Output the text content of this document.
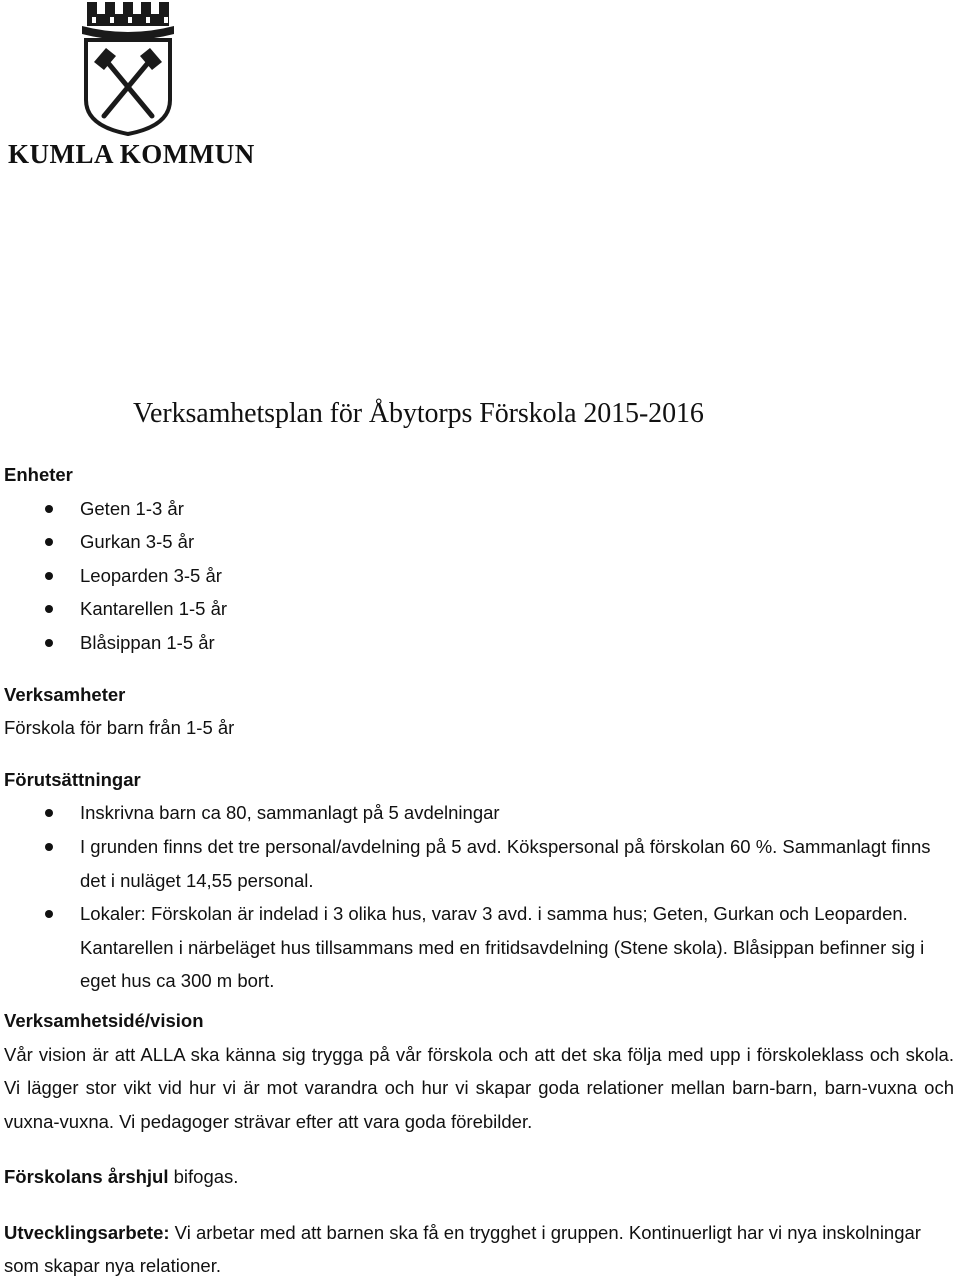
KUMLA KOMMUN
Verksamhetsplan för Åbytorps Förskola 2015-2016

Enheter

Geten 1-3 år
Gurkan 3-5 år
Leoparden 3-5 år
Kantarellen 1-5 år
Blåsippan 1-5 år

Verksamheter

Förskola för barn från 1-5 år

Förutsättningar

Inskrivna barn ca 80, sammanlagt på 5 avdelningar
I grunden finns det tre personal/avdelning på 5 avd. Kökspersonal på förskolan 60 %. Sammanlagt finns det i nuläget 14,55 personal.
Lokaler: Förskolan är indelad i 3 olika hus, varav 3 avd. i samma hus; Geten, Gurkan och Leoparden. Kantarellen i närbeläget hus tillsammans med en fritidsavdelning (Stene skola). Blåsippan befinner sig i eget hus ca 300 m bort.

Verksamhetsidé/vision

Vår vision är att ALLA ska känna sig trygga på vår förskola och att det ska följa med upp i förskoleklass och skola. Vi lägger stor vikt vid hur vi är mot varandra och hur vi skapar goda relationer mellan barn-barn, barn-vuxna och vuxna-vuxna. Vi pedagoger strävar efter att vara goda förebilder.

Förskolans årshjul bifogas.

Utvecklingsarbete: Vi arbetar med att barnen ska få en trygghet i gruppen. Kontinuerligt har vi nya inskolningar som skapar nya relationer.
